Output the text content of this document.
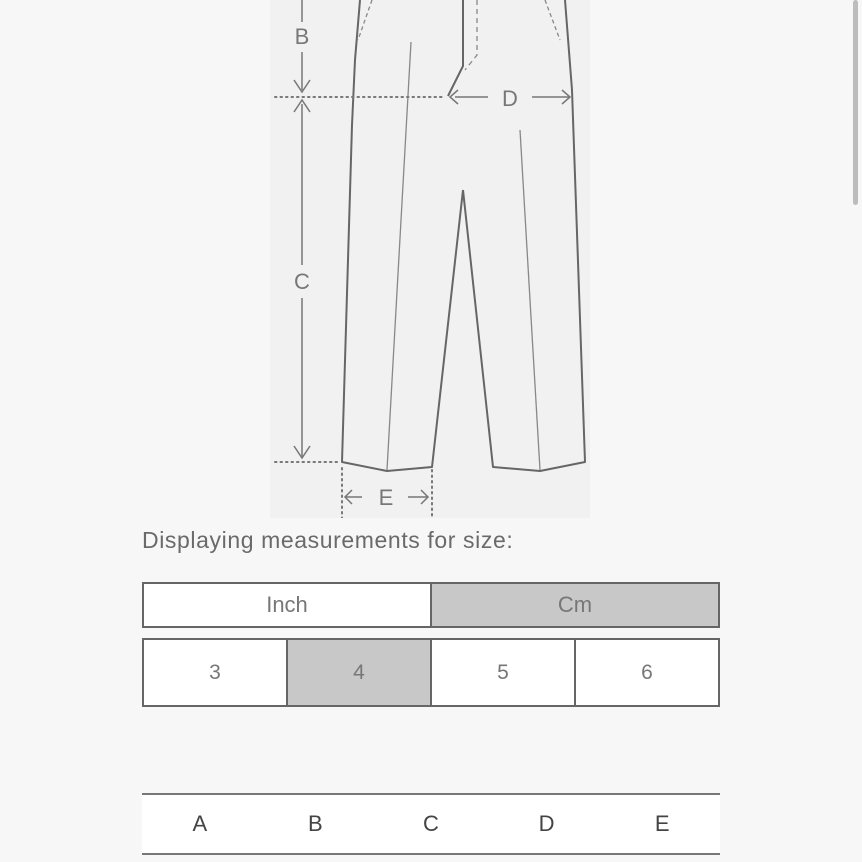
B
C
D
E
Displaying measurements for size:
Inch	Cm
3	4	5	6
A	B	C	D	E
